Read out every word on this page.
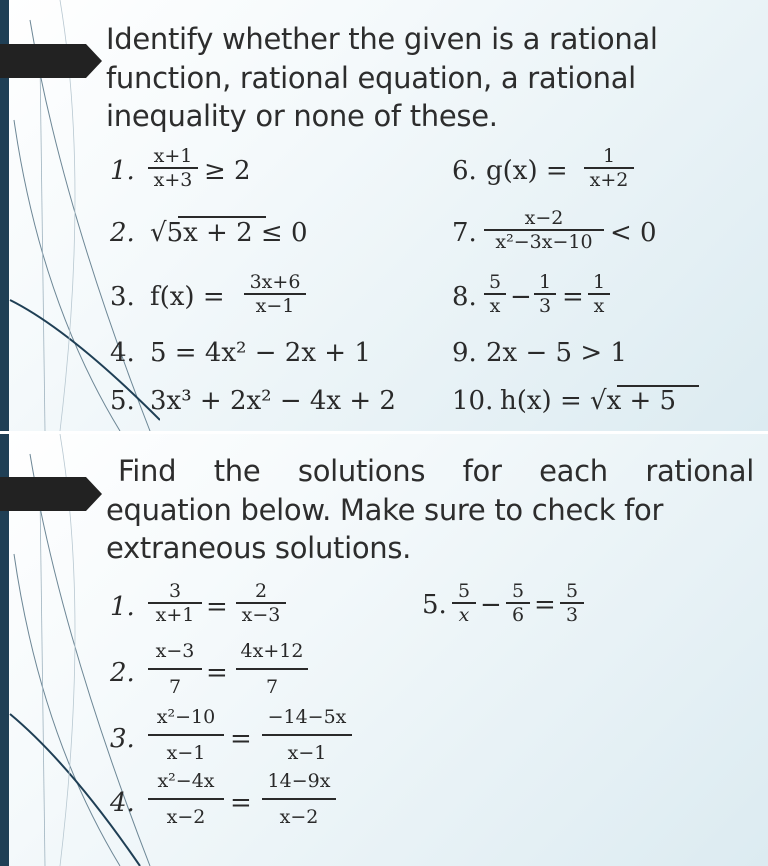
Identify whether the given is a rational
function, rational equation, a rational
inequality or none of these.
1. x+1
x+3 ≥ 2
2. √5x + 2 ≤ 0
3. f(x) = 3x+6
x−1
4. 5 = 4x² − 2x + 1
5. 3x³ + 2x² − 4x + 2
6. g(x) =	1
x+2
7.	x−2
x²−3x−10 < 0
8. 5
x − 1
3 = 1
x
9. 2x − 5 > 1
10. h(x) = √x + 5
Find the solutions for each rational
equation below. Make sure to check for
extraneous solutions.
1.
3
x+1 =
2
x−3
2.
x−3
7 =
4x+12
7
3.
x²−10
x−1 =
−14−5x
x−1
4.
x²−4x
x−2 =
14−9x
x−2
5. 5
x − 5
6 = 5
3
